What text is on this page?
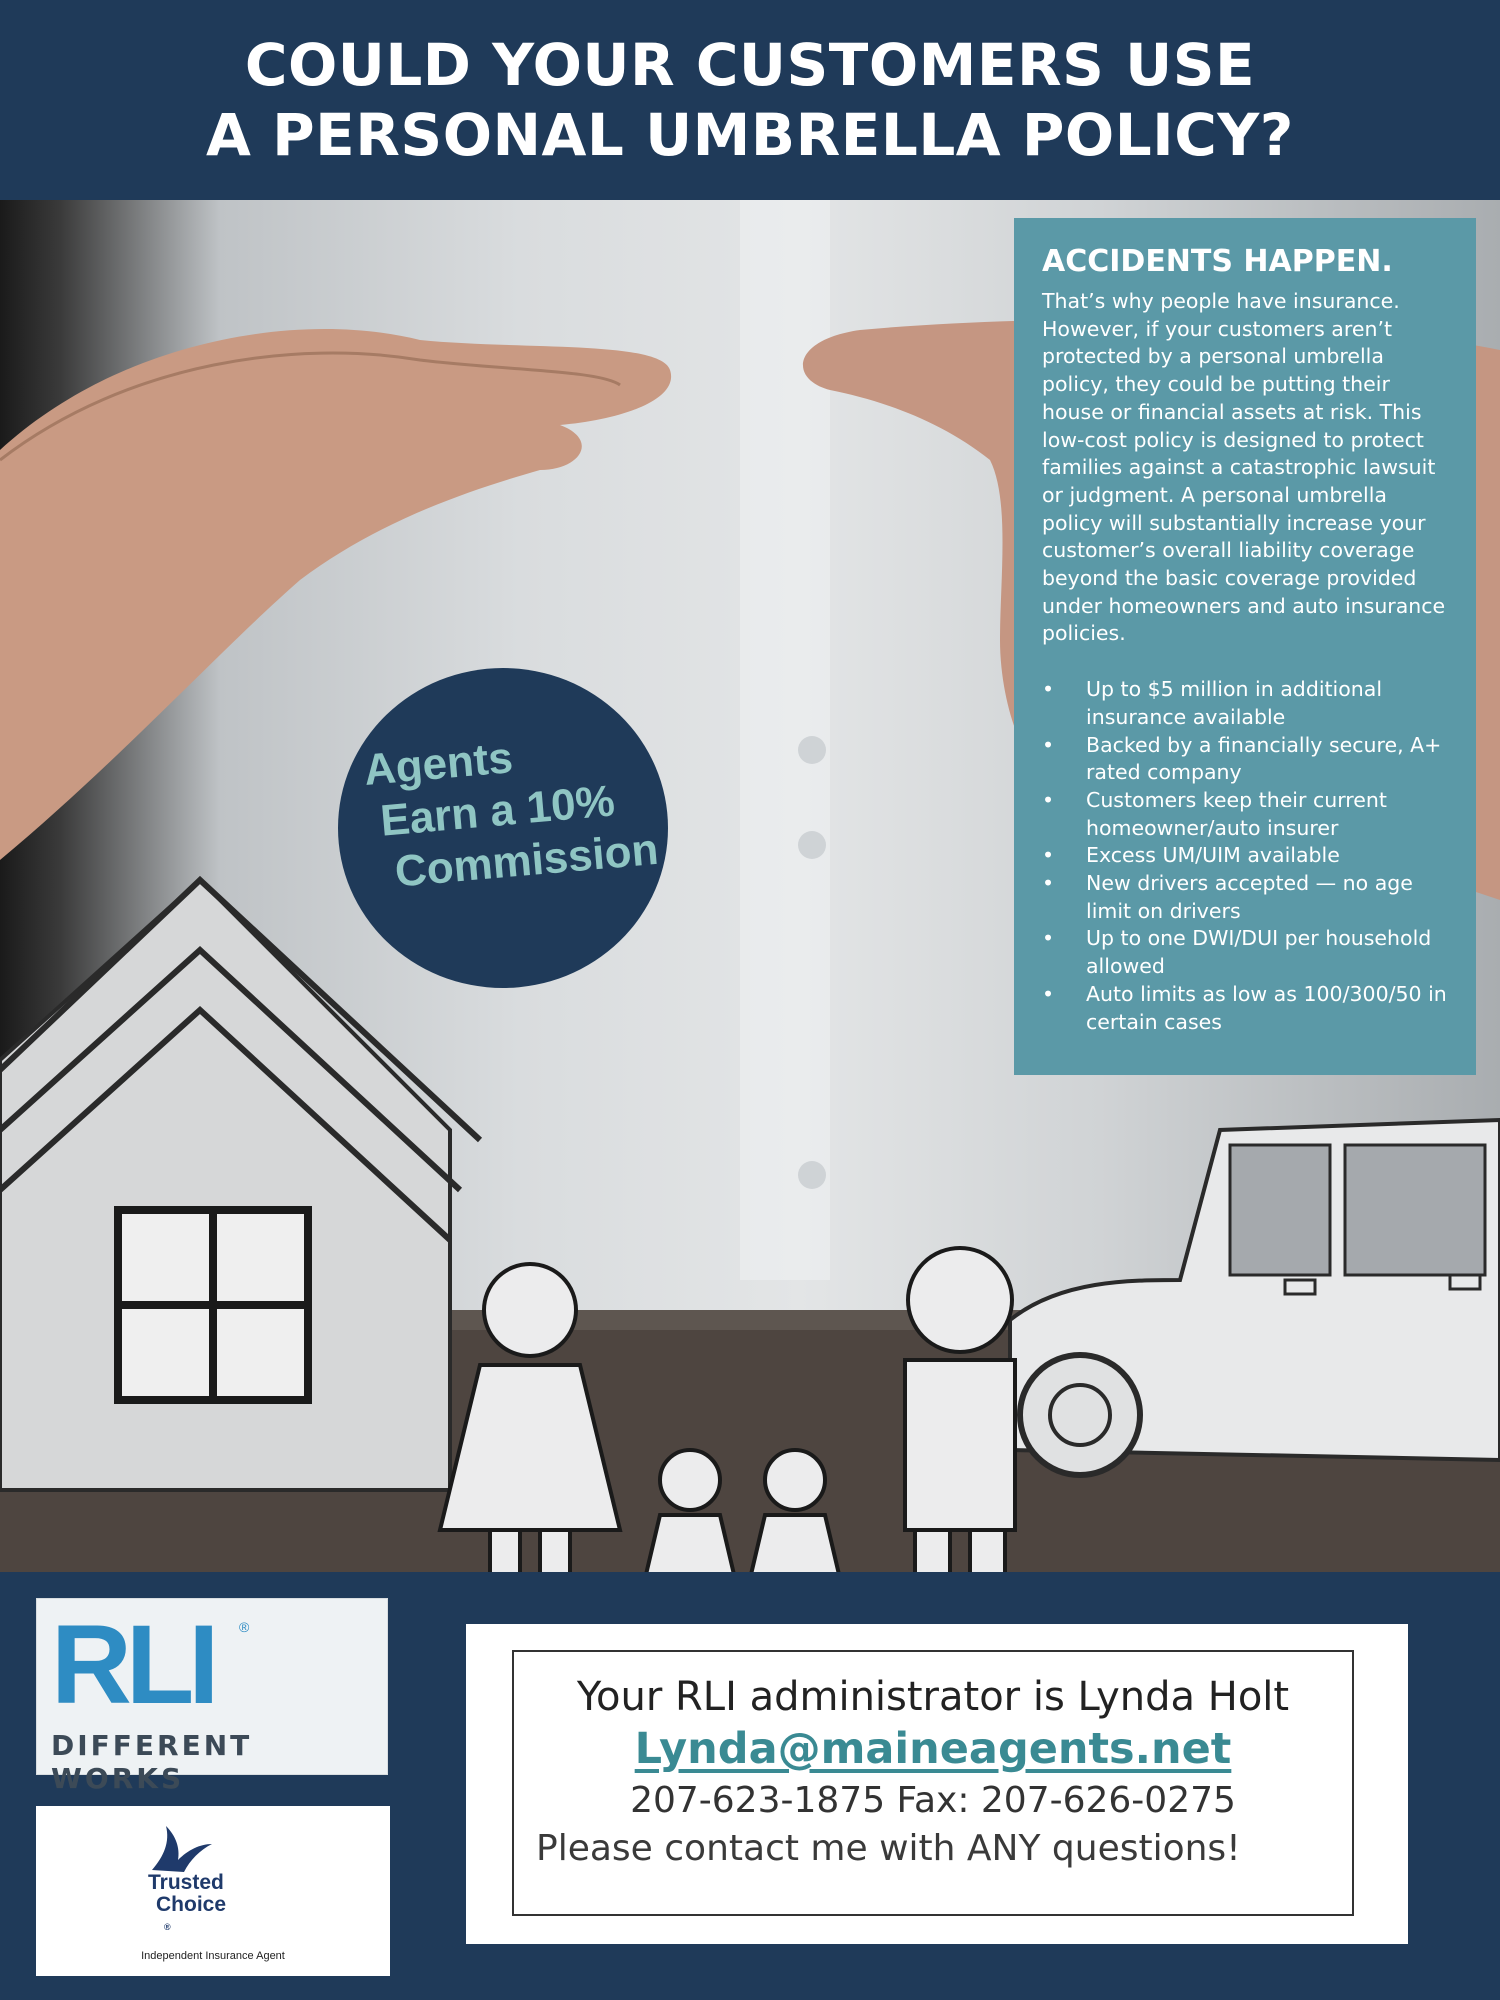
COULD YOUR CUSTOMERS USE
A PERSONAL UMBRELLA POLICY?
ACCIDENTS HAPPEN.

That’s why people have insurance. However, if your customers aren’t protected by a personal umbrella policy, they could be putting their house or financial assets at risk. This low-cost policy is designed to protect families against a catastrophic lawsuit or judgment. A personal umbrella policy will substantially increase your customer’s overall liability coverage beyond the basic coverage provided under homeowners and auto insurance policies.

• Up to $5 million in additional insurance available
• Backed by a financially secure, A+ rated company
• Customers keep their current homeowner/auto insurer
• Excess UM/UIM available
• New drivers accepted — no age limit on drivers
• Up to one DWI/DUI per household allowed
• Auto limits as low as 100/300/50 in certain cases
Agents
Earn a 10%
Commission
RLI ®
DIFFERENT WORKS
Trusted
Choice
®
Independent Insurance Agent
Your RLI administrator is Lynda Holt
Lynda@maineagents.net
207-623-1875 Fax: 207-626-0275
Please contact me with ANY questions!
